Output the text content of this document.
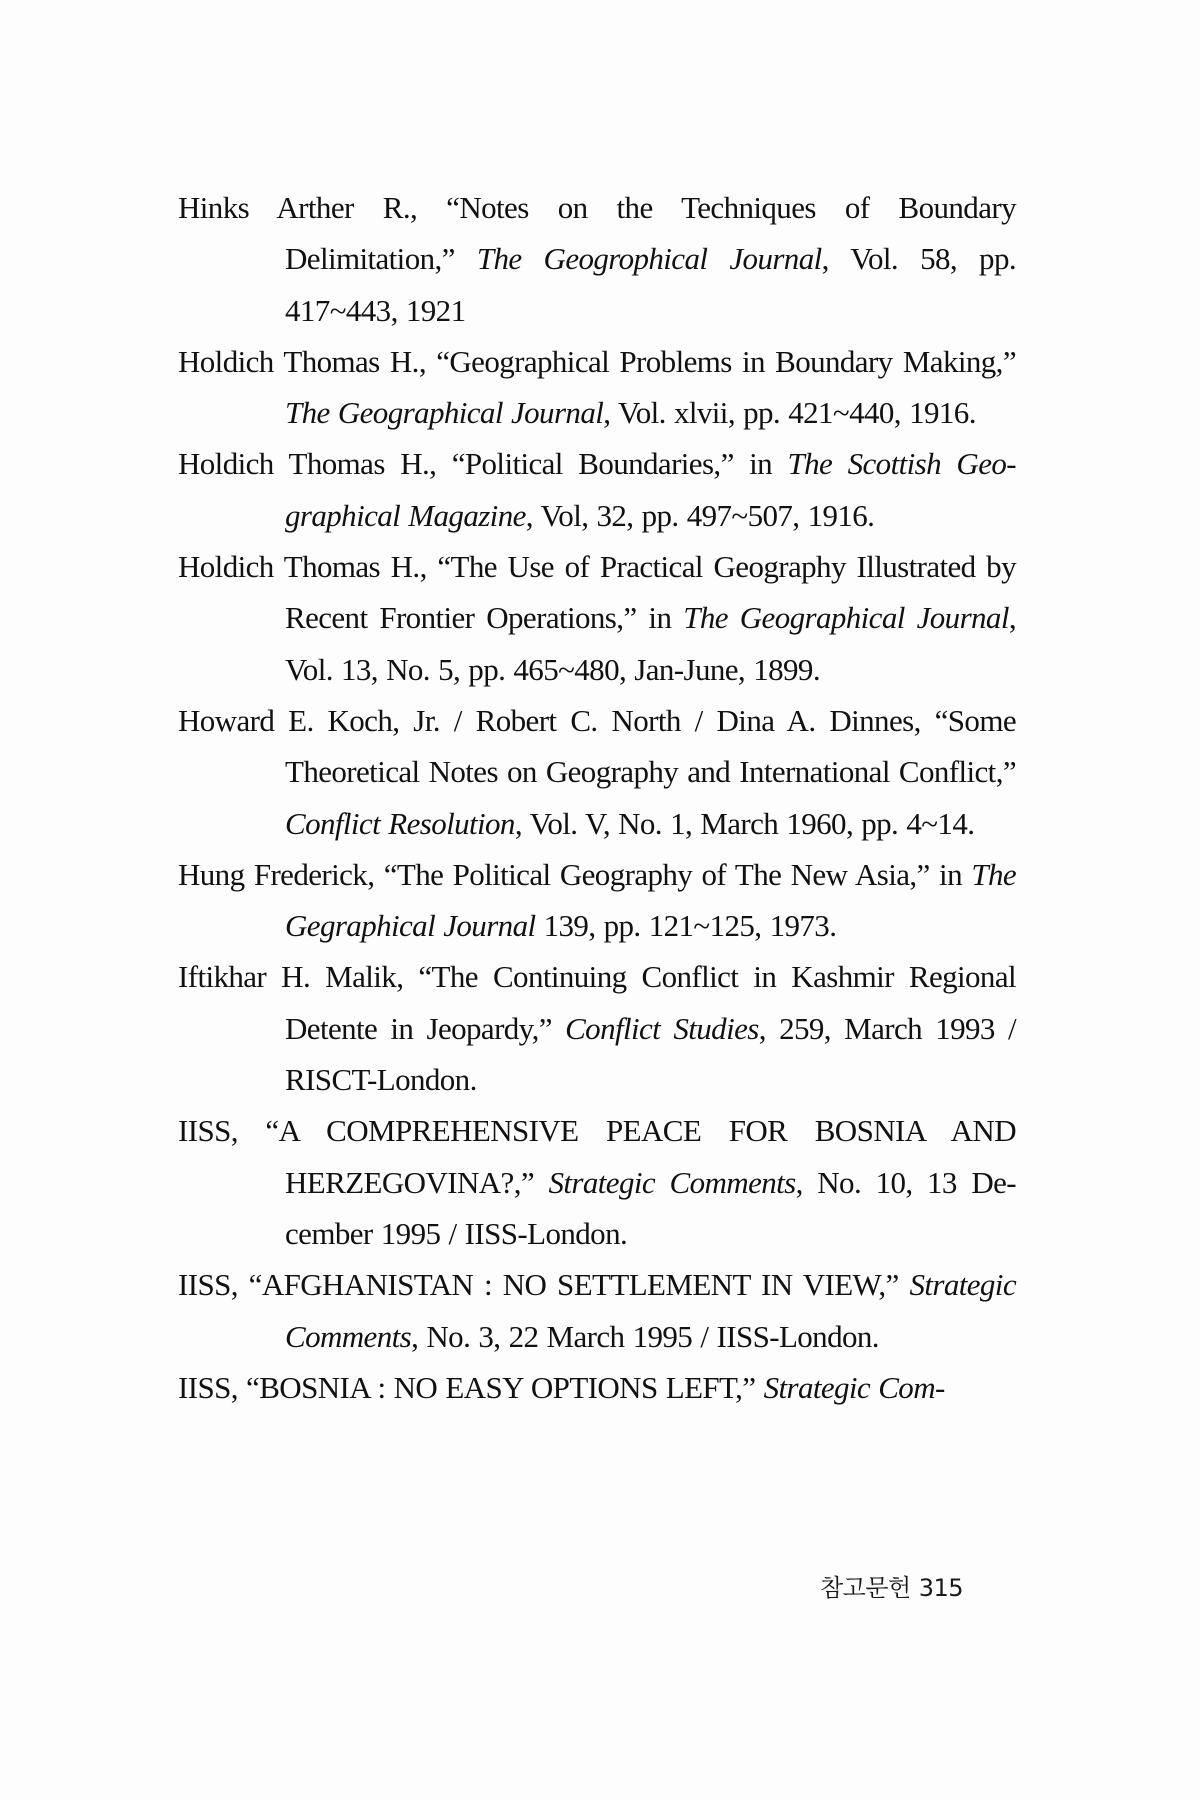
Hinks Arther R., “Notes on the Techniques of Boundary Delimitation,” The Geogrophical Journal, Vol. 58, pp. 417~443, 1921
Holdich Thomas H., “Geographical Problems in Boundary Making,” The Geographical Journal, Vol. xlvii, pp. 421~440, 1916.
Holdich Thomas H., “Political Boundaries,” in The Scottish Geo-graphical Magazine, Vol, 32, pp. 497~507, 1916.
Holdich Thomas H., “The Use of Practical Geography Illustrated by Recent Frontier Operations,” in The Geographical Journal, Vol. 13, No. 5, pp. 465~480, Jan-June, 1899.
Howard E. Koch, Jr. / Robert C. North / Dina A. Dinnes, “Some Theoretical Notes on Geography and International Conflict,” Conflict Resolution, Vol. V, No. 1, March 1960, pp. 4~14.
Hung Frederick, “The Political Geography of The New Asia,” in The Gegraphical Journal 139, pp. 121~125, 1973.
Iftikhar H. Malik, “The Continuing Conflict in Kashmir Regional Detente in Jeopardy,” Conflict Studies, 259, March 1993 / RISCT-London.
IISS, “A COMPREHENSIVE PEACE FOR BOSNIA AND HERZEGOVINA?,” Strategic Comments, No. 10, 13 De-cember 1995 / IISS-London.
IISS, “AFGHANISTAN : NO SETTLEMENT IN VIEW,” Strategic Comments, No. 3, 22 March 1995 / IISS-London.
IISS, “BOSNIA : NO EASY OPTIONS LEFT,” Strategic Com-
참고문헌 315
